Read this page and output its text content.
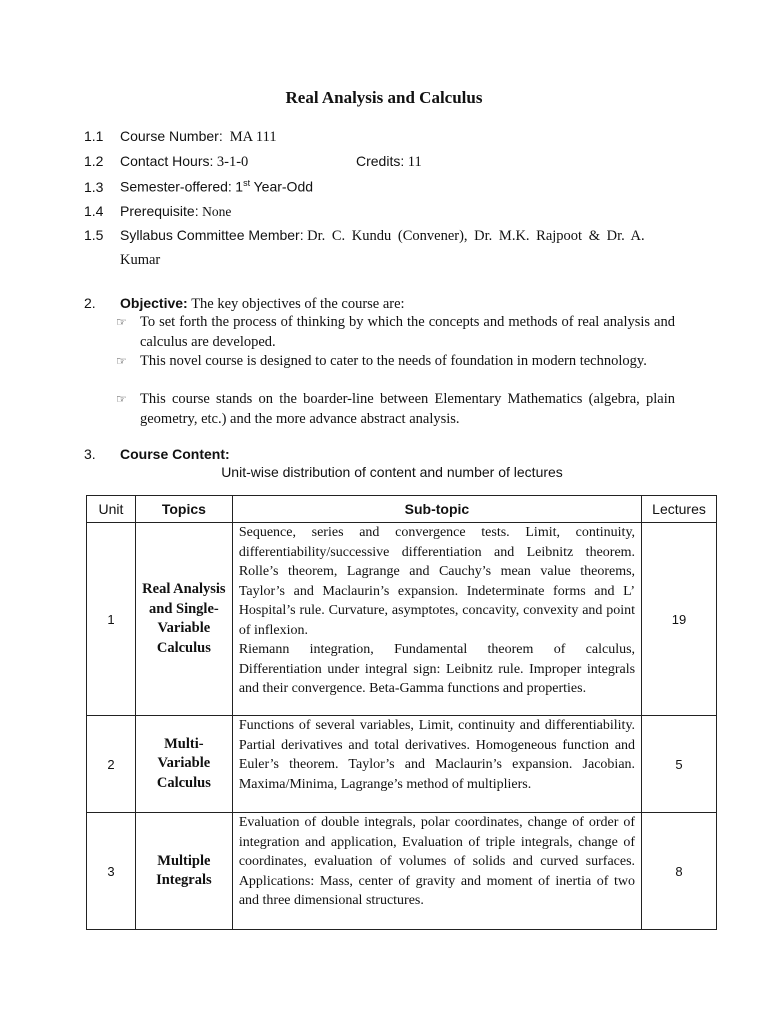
Real Analysis and Calculus
1.1 Course Number: MA 111
1.2 Contact Hours: 3-1-0	Credits: 11
1.3 Semester-offered: 1st Year-Odd
1.4 Prerequisite: None
1.5 Syllabus Committee Member: Dr. C. Kundu (Convener), Dr. M.K. Rajpoot & Dr. A.
Kumar
2. Objective: The key objectives of the course are:
☞ To set forth the process of thinking by which the concepts and methods of real analysis and calculus are developed.
☞ This novel course is designed to cater to the needs of foundation in modern technology.
☞ This course stands on the boarder-line between Elementary Mathematics (algebra, plain geometry, etc.) and the more advance abstract analysis.
3. Course Content:
Unit-wise distribution of content and number of lectures
Unit	Topics	Sub-topic	Lectures
1	Real Analysis and Single-Variable Calculus	Sequence, series and convergence tests. Limit, continuity, differentiability/successive differentiation and Leibnitz theorem. Rolle’s theorem, Lagrange and Cauchy’s mean value theorems, Taylor’s and Maclaurin’s expansion. Indeterminate forms and L’ Hospital’s rule. Curvature, asymptotes, concavity, convexity and point of inflexion.

Riemann integration, Fundamental theorem of calculus, Differentiation under integral sign: Leibnitz rule. Improper integrals and their convergence. Beta-Gamma functions and properties.	19
2	Multi-Variable Calculus	Functions of several variables, Limit, continuity and differentiability. Partial derivatives and total derivatives. Homogeneous function and Euler’s theorem. Taylor’s and Maclaurin’s expansion. Jacobian. Maxima/Minima, Lagrange’s method of multipliers.	5
3	Multiple Integrals	Evaluation of double integrals, polar coordinates, change of order of integration and application, Evaluation of triple integrals, change of coordinates, evaluation of volumes of solids and curved surfaces. Applications: Mass, center of gravity and moment of inertia of two and three dimensional structures.	8
